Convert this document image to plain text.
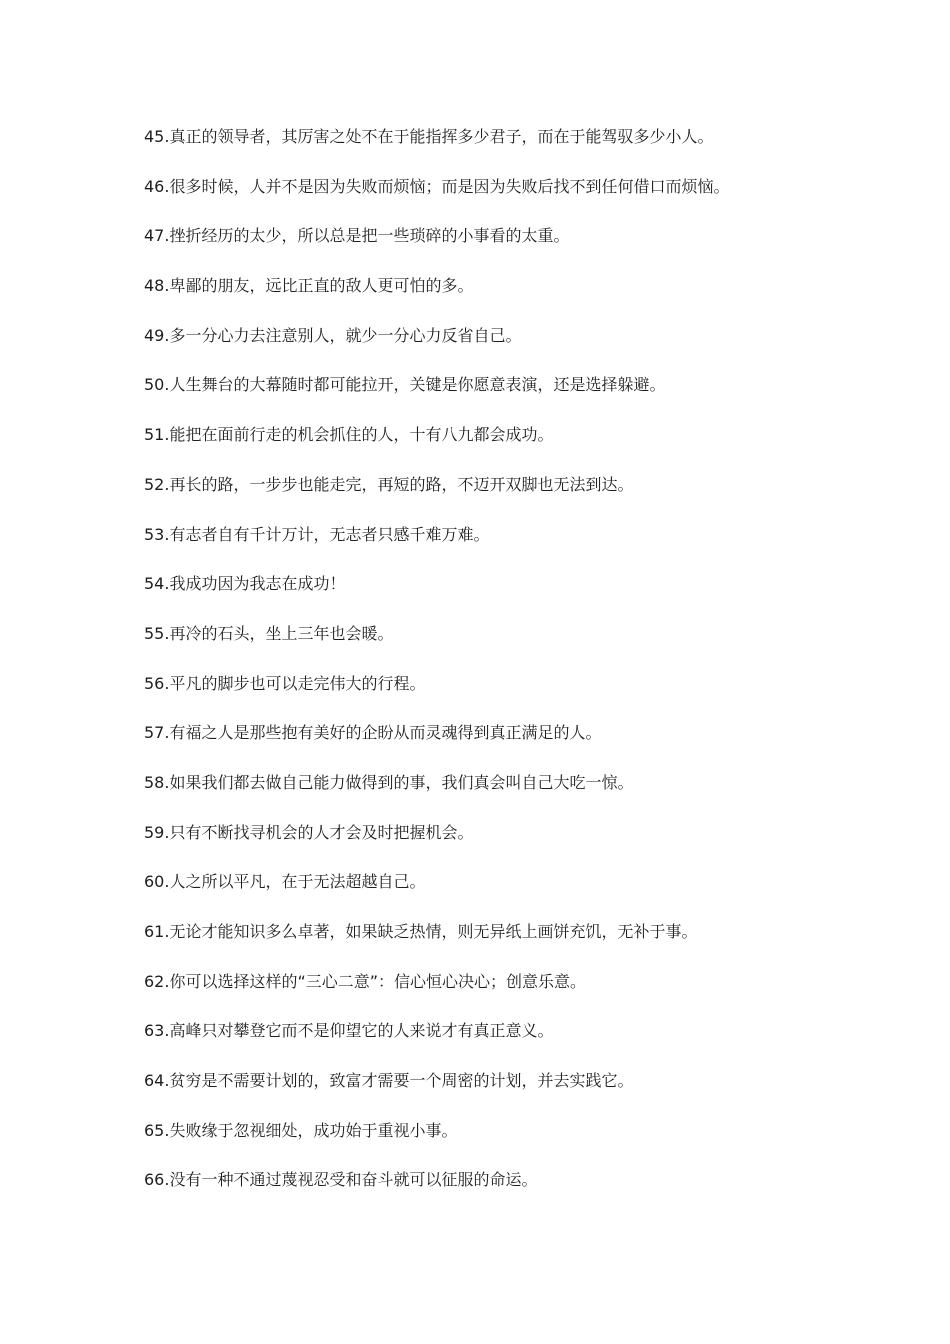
45.真正的领导者，其厉害之处不在于能指挥多少君子，而在于能驾驭多少小人。
46.很多时候，人并不是因为失败而烦恼；而是因为失败后找不到任何借口而烦恼。
47.挫折经历的太少，所以总是把一些琐碎的小事看的太重。
48.卑鄙的朋友，远比正直的敌人更可怕的多。
49.多一分心力去注意别人，就少一分心力反省自己。
50.人生舞台的大幕随时都可能拉开，关键是你愿意表演，还是选择躲避。
51.能把在面前行走的机会抓住的人，十有八九都会成功。
52.再长的路，一步步也能走完，再短的路，不迈开双脚也无法到达。
53.有志者自有千计万计，无志者只感千难万难。
54.我成功因为我志在成功！
55.再冷的石头，坐上三年也会暖。
56.平凡的脚步也可以走完伟大的行程。
57.有福之人是那些抱有美好的企盼从而灵魂得到真正满足的人。
58.如果我们都去做自己能力做得到的事，我们真会叫自己大吃一惊。
59.只有不断找寻机会的人才会及时把握机会。
60.人之所以平凡，在于无法超越自己。
61.无论才能知识多么卓著，如果缺乏热情，则无异纸上画饼充饥，无补于事。
62.你可以选择这样的“三心二意”：信心恒心决心；创意乐意。
63.高峰只对攀登它而不是仰望它的人来说才有真正意义。
64.贫穷是不需要计划的，致富才需要一个周密的计划，并去实践它。
65.失败缘于忽视细处，成功始于重视小事。
66.没有一种不通过蔑视忍受和奋斗就可以征服的命运。
